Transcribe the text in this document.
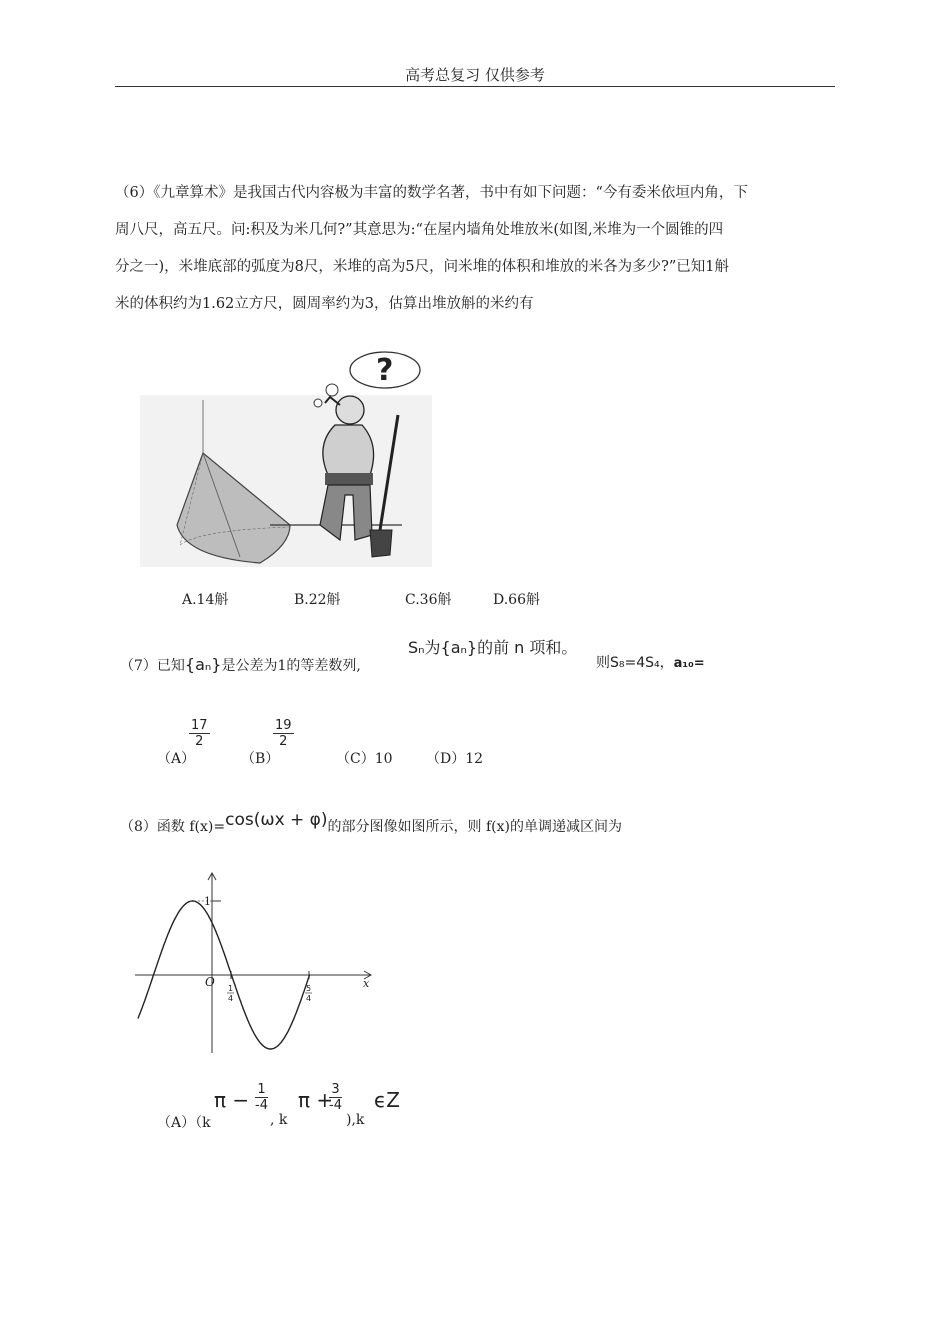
高考总复习 仅供参考
（6）《九章算术》是我国古代内容极为丰富的数学名著，书中有如下问题：“今有委米依垣内角，下
周八尺，高五尺。问:积及为米几何?”其意思为:“在屋内墙角处堆放米(如图,米堆为一个圆锥的四
分之一)，米堆底部的弧度为8尺，米堆的高为5尺，问米堆的体积和堆放的米各为多少?”已知1斛
米的体积约为1.62立方尺，圆周率约为3，估算出堆放斛的米约有
?
A.14斛	B.22斛	C.36斛	D.66斛
（7）已知{aₙ}是公差为1的等差数列,
Sₙ为{aₙ}的前 n 项和。
则S₈=4S₄，a₁₀=
（A）
$\frac{17}{2}$
（B）
$\frac{19}{2}$
（C）10 （D）12
（8）函数 f(x)=cos(ωx + φ)的部分图像如图所示，则 f(x)的单调递减区间为
O	x
1
1
4
5
4
（A）（k
$\pi - \frac{1}{-4}$
, k
π +
$\frac{3}{-4}$
),k
ϵZ
